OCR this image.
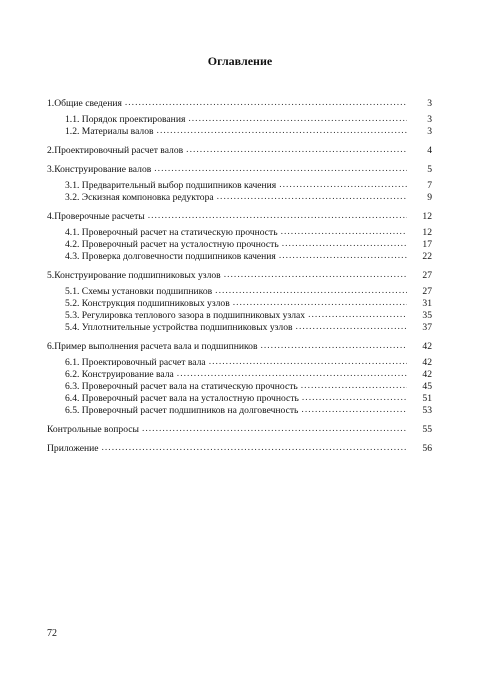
Оглавление
1. Общие сведения .....	3
1.1. Порядок проектирования .....	3
1.2. Материалы валов .....	3
2. Проектировочный расчет валов .....	4
3. Конструирование валов .....	5
3.1. Предварительный выбор подшипников качения .....	7
3.2. Эскизная компоновка редуктора .....	9
4. Проверочные расчеты .....	12
4.1. Проверочный расчет на статическую прочность .....	12
4.2. Проверочный расчет на усталостную прочность .....	17
4.3. Проверка долговечности подшипников качения .....	22
5. Конструирование подшипниковых узлов .....	27
5.1. Схемы установки подшипников .....	27
5.2. Конструкция подшипниковых узлов .....	31
5.3. Регулировка теплового зазора в подшипниковых узлах .....	35
5.4. Уплотнительные устройства подшипниковых узлов .....	37
6. Пример выполнения расчета вала и подшипников .....	42
6.1. Проектировочный расчет вала .....	42
6.2. Конструирование вала .....	42
6.3. Проверочный расчет вала на статическую прочность .....	45
6.4. Проверочный расчет вала на усталостную прочность .....	51
6.5. Проверочный расчет подшипников на долговечность .....	53
Контрольные вопросы .....	55
Приложение .....	56
72
